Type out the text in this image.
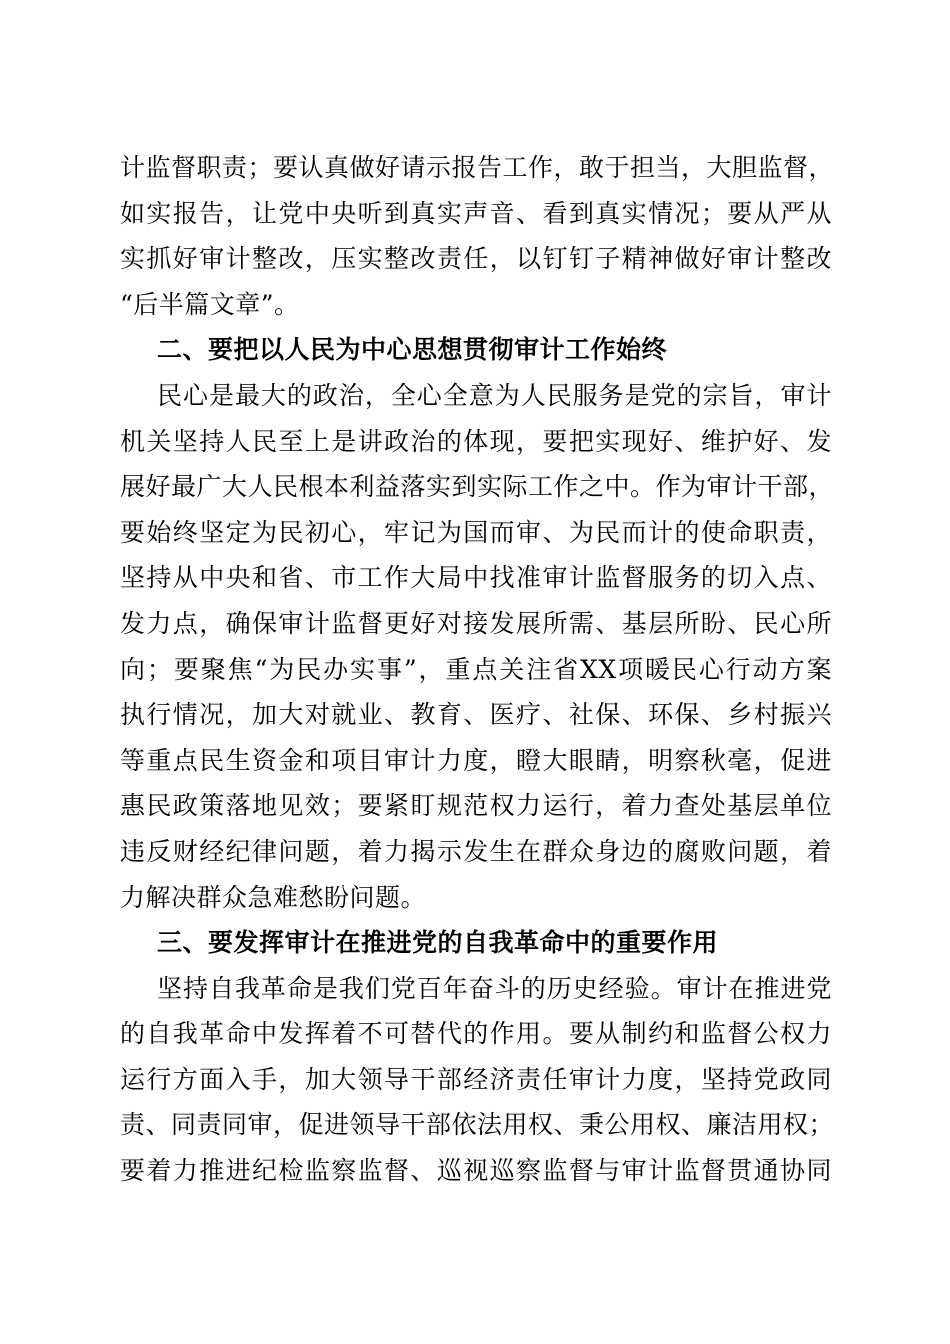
计监督职责；要认真做好请示报告工作，敢于担当，大胆监督，
如实报告，让党中央听到真实声音、看到真实情况；要从严从
实抓好审计整改，压实整改责任，以钉钉子精神做好审计整改
“后半篇文章”。
二、要把以人民为中心思想贯彻审计工作始终
民心是最大的政治，全心全意为人民服务是党的宗旨，审计
机关坚持人民至上是讲政治的体现，要把实现好、维护好、发
展好最广大人民根本利益落实到实际工作之中。作为审计干部，
要始终坚定为民初心，牢记为国而审、为民而计的使命职责，
坚持从中央和省、市工作大局中找准审计监督服务的切入点、
发力点，确保审计监督更好对接发展所需、基层所盼、民心所
向；要聚焦“为民办实事”，重点关注省XX项暖民心行动方案
执行情况，加大对就业、教育、医疗、社保、环保、乡村振兴
等重点民生资金和项目审计力度，瞪大眼睛，明察秋毫，促进
惠民政策落地见效；要紧盯规范权力运行，着力查处基层单位
违反财经纪律问题，着力揭示发生在群众身边的腐败问题，着
力解决群众急难愁盼问题。
三、要发挥审计在推进党的自我革命中的重要作用
坚持自我革命是我们党百年奋斗的历史经验。审计在推进党
的自我革命中发挥着不可替代的作用。要从制约和监督公权力
运行方面入手，加大领导干部经济责任审计力度，坚持党政同
责、同责同审，促进领导干部依法用权、秉公用权、廉洁用权；
要着力推进纪检监察监督、巡视巡察监督与审计监督贯通协同
